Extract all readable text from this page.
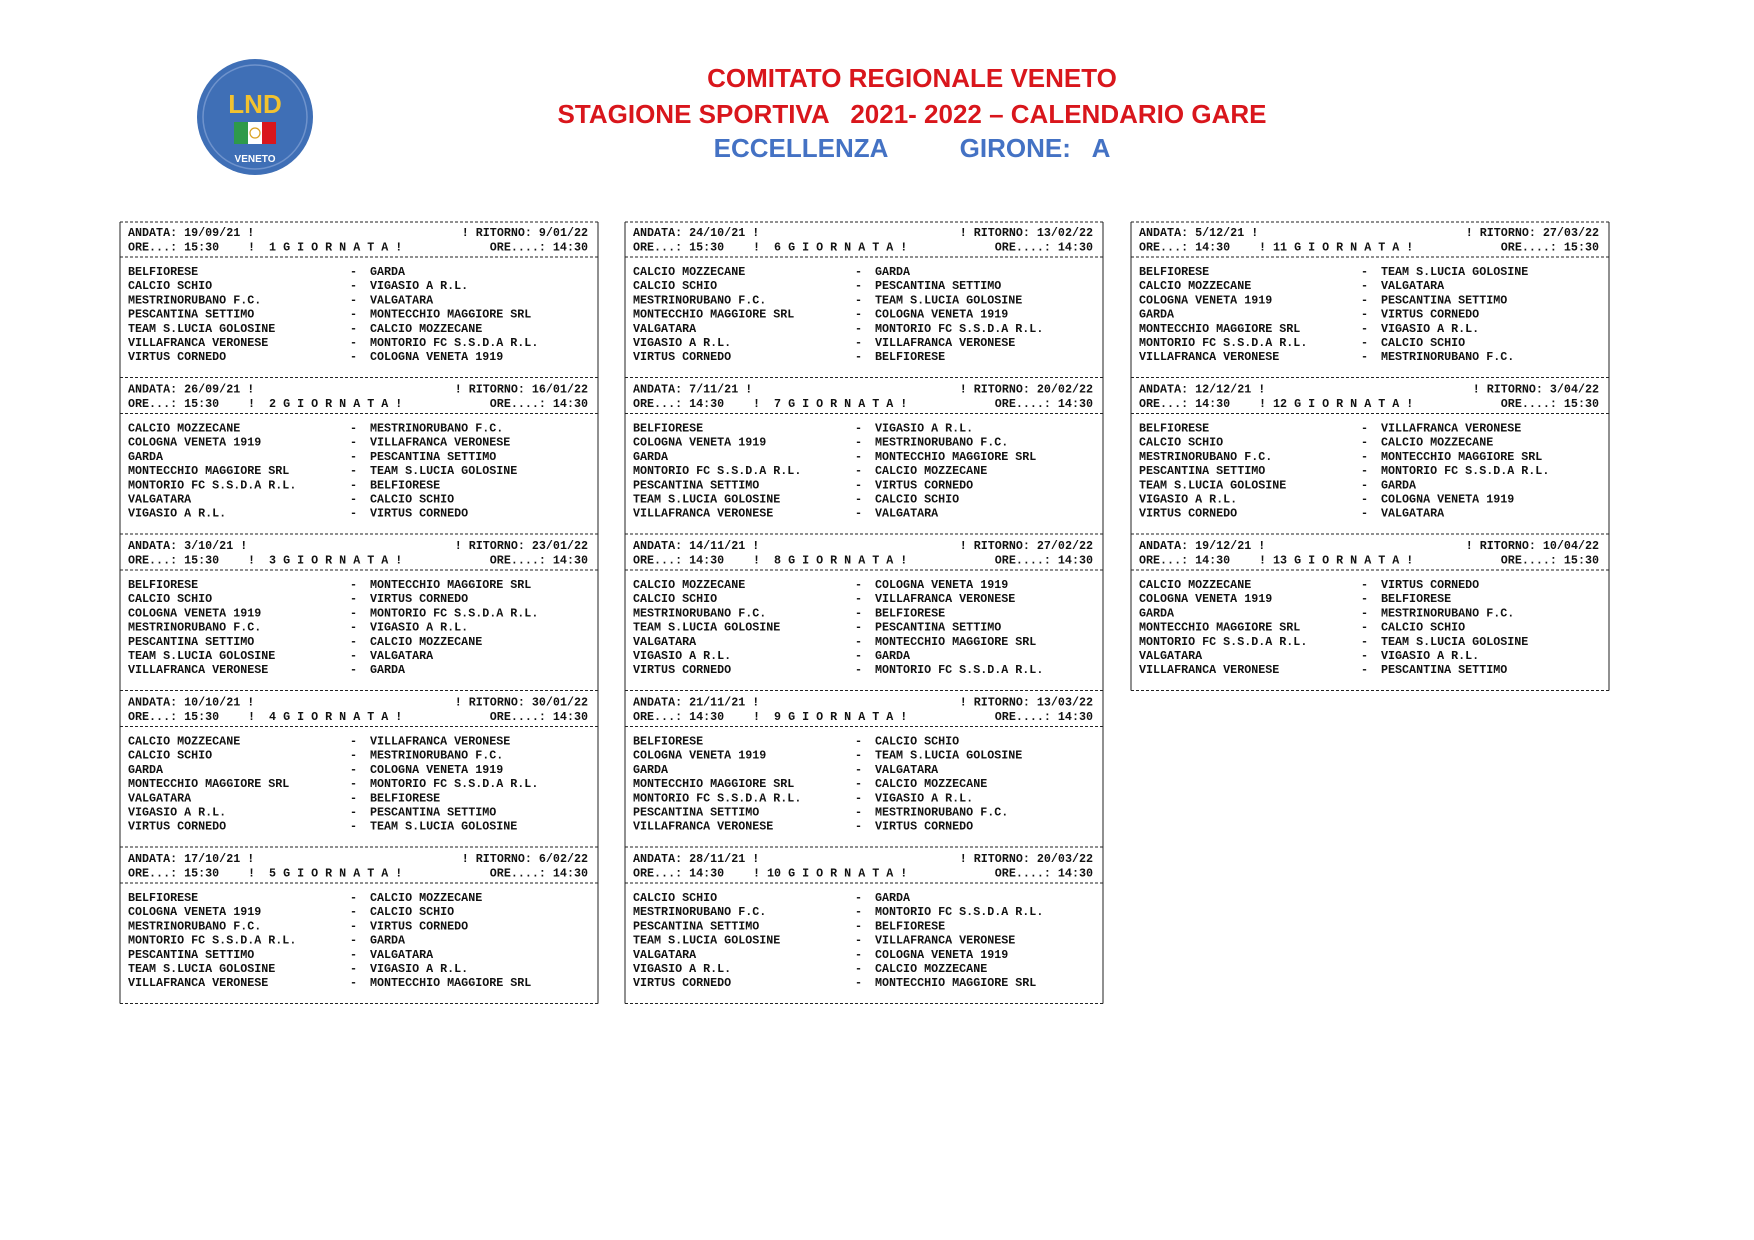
LND
VENETO
COMITATO REGIONALE VENETO
STAGIONE SPORTIVA   2021- 2022 – CALENDARIO GARE
ECCELLENZA          GIRONE:   A
ANDATA: 19/09/21 !	! RITORNO: 9/01/22
ORE...: 15:30 !  1 G I O R N A T A !	ORE....: 14:30
BELFIORESE	- GARDA
CALCIO SCHIO	- VIGASIO A R.L.
MESTRINORUBANO F.C.	- VALGATARA
PESCANTINA SETTIMO	- MONTECCHIO MAGGIORE SRL
TEAM S.LUCIA GOLOSINE	- CALCIO MOZZECANE
VILLAFRANCA VERONESE	- MONTORIO FC S.S.D.A R.L.
VIRTUS CORNEDO	- COLOGNA VENETA 1919
ANDATA: 26/09/21 !	! RITORNO: 16/01/22
ORE...: 15:30 !  2 G I O R N A T A !	ORE....: 14:30
CALCIO MOZZECANE	- MESTRINORUBANO F.C.
COLOGNA VENETA 1919	- VILLAFRANCA VERONESE
GARDA	- PESCANTINA SETTIMO
MONTECCHIO MAGGIORE SRL	- TEAM S.LUCIA GOLOSINE
MONTORIO FC S.S.D.A R.L.	- BELFIORESE
VALGATARA	- CALCIO SCHIO
VIGASIO A R.L.	- VIRTUS CORNEDO
ANDATA: 3/10/21 !	! RITORNO: 23/01/22
ORE...: 15:30 !  3 G I O R N A T A !	ORE....: 14:30
BELFIORESE	- MONTECCHIO MAGGIORE SRL
CALCIO SCHIO	- VIRTUS CORNEDO
COLOGNA VENETA 1919	- MONTORIO FC S.S.D.A R.L.
MESTRINORUBANO F.C.	- VIGASIO A R.L.
PESCANTINA SETTIMO	- CALCIO MOZZECANE
TEAM S.LUCIA GOLOSINE	- VALGATARA
VILLAFRANCA VERONESE	- GARDA
ANDATA: 10/10/21 !	! RITORNO: 30/01/22
ORE...: 15:30 !  4 G I O R N A T A !	ORE....: 14:30
CALCIO MOZZECANE	- VILLAFRANCA VERONESE
CALCIO SCHIO	- MESTRINORUBANO F.C.
GARDA	- COLOGNA VENETA 1919
MONTECCHIO MAGGIORE SRL	- MONTORIO FC S.S.D.A R.L.
VALGATARA	- BELFIORESE
VIGASIO A R.L.	- PESCANTINA SETTIMO
VIRTUS CORNEDO	- TEAM S.LUCIA GOLOSINE
ANDATA: 17/10/21 !	! RITORNO: 6/02/22
ORE...: 15:30 !  5 G I O R N A T A !	ORE....: 14:30
BELFIORESE	- CALCIO MOZZECANE
COLOGNA VENETA 1919	- CALCIO SCHIO
MESTRINORUBANO F.C.	- VIRTUS CORNEDO
MONTORIO FC S.S.D.A R.L.	- GARDA
PESCANTINA SETTIMO	- VALGATARA
TEAM S.LUCIA GOLOSINE	- VIGASIO A R.L.
VILLAFRANCA VERONESE	- MONTECCHIO MAGGIORE SRL
ANDATA: 24/10/21 !	! RITORNO: 13/02/22
ORE...: 15:30 !  6 G I O R N A T A !	ORE....: 14:30
CALCIO MOZZECANE	- GARDA
CALCIO SCHIO	- PESCANTINA SETTIMO
MESTRINORUBANO F.C.	- TEAM S.LUCIA GOLOSINE
MONTECCHIO MAGGIORE SRL	- COLOGNA VENETA 1919
VALGATARA	- MONTORIO FC S.S.D.A R.L.
VIGASIO A R.L.	- VILLAFRANCA VERONESE
VIRTUS CORNEDO	- BELFIORESE
ANDATA: 7/11/21 !	! RITORNO: 20/02/22
ORE...: 14:30 !  7 G I O R N A T A !	ORE....: 14:30
BELFIORESE	- VIGASIO A R.L.
COLOGNA VENETA 1919	- MESTRINORUBANO F.C.
GARDA	- MONTECCHIO MAGGIORE SRL
MONTORIO FC S.S.D.A R.L.	- CALCIO MOZZECANE
PESCANTINA SETTIMO	- VIRTUS CORNEDO
TEAM S.LUCIA GOLOSINE	- CALCIO SCHIO
VILLAFRANCA VERONESE	- VALGATARA
ANDATA: 14/11/21 !	! RITORNO: 27/02/22
ORE...: 14:30 !  8 G I O R N A T A !	ORE....: 14:30
CALCIO MOZZECANE	- COLOGNA VENETA 1919
CALCIO SCHIO	- VILLAFRANCA VERONESE
MESTRINORUBANO F.C.	- BELFIORESE
TEAM S.LUCIA GOLOSINE	- PESCANTINA SETTIMO
VALGATARA	- MONTECCHIO MAGGIORE SRL
VIGASIO A R.L.	- GARDA
VIRTUS CORNEDO	- MONTORIO FC S.S.D.A R.L.
ANDATA: 21/11/21 !	! RITORNO: 13/03/22
ORE...: 14:30 !  9 G I O R N A T A !	ORE....: 14:30
BELFIORESE	- CALCIO SCHIO
COLOGNA VENETA 1919	- TEAM S.LUCIA GOLOSINE
GARDA	- VALGATARA
MONTECCHIO MAGGIORE SRL	- CALCIO MOZZECANE
MONTORIO FC S.S.D.A R.L.	- VIGASIO A R.L.
PESCANTINA SETTIMO	- MESTRINORUBANO F.C.
VILLAFRANCA VERONESE	- VIRTUS CORNEDO
ANDATA: 28/11/21 !	! RITORNO: 20/03/22
ORE...: 14:30 ! 10 G I O R N A T A !	ORE....: 14:30
CALCIO SCHIO	- GARDA
MESTRINORUBANO F.C.	- MONTORIO FC S.S.D.A R.L.
PESCANTINA SETTIMO	- BELFIORESE
TEAM S.LUCIA GOLOSINE	- VILLAFRANCA VERONESE
VALGATARA	- COLOGNA VENETA 1919
VIGASIO A R.L.	- CALCIO MOZZECANE
VIRTUS CORNEDO	- MONTECCHIO MAGGIORE SRL
ANDATA: 5/12/21 !	! RITORNO: 27/03/22
ORE...: 14:30 ! 11 G I O R N A T A !	ORE....: 15:30
BELFIORESE	- TEAM S.LUCIA GOLOSINE
CALCIO MOZZECANE	- VALGATARA
COLOGNA VENETA 1919	- PESCANTINA SETTIMO
GARDA	- VIRTUS CORNEDO
MONTECCHIO MAGGIORE SRL	- VIGASIO A R.L.
MONTORIO FC S.S.D.A R.L.	- CALCIO SCHIO
VILLAFRANCA VERONESE	- MESTRINORUBANO F.C.
ANDATA: 12/12/21 !	! RITORNO: 3/04/22
ORE...: 14:30 ! 12 G I O R N A T A !	ORE....: 15:30
BELFIORESE	- VILLAFRANCA VERONESE
CALCIO SCHIO	- CALCIO MOZZECANE
MESTRINORUBANO F.C.	- MONTECCHIO MAGGIORE SRL
PESCANTINA SETTIMO	- MONTORIO FC S.S.D.A R.L.
TEAM S.LUCIA GOLOSINE	- GARDA
VIGASIO A R.L.	- COLOGNA VENETA 1919
VIRTUS CORNEDO	- VALGATARA
ANDATA: 19/12/21 !	! RITORNO: 10/04/22
ORE...: 14:30 ! 13 G I O R N A T A !	ORE....: 15:30
CALCIO MOZZECANE	- VIRTUS CORNEDO
COLOGNA VENETA 1919	- BELFIORESE
GARDA	- MESTRINORUBANO F.C.
MONTECCHIO MAGGIORE SRL	- CALCIO SCHIO
MONTORIO FC S.S.D.A R.L.	- TEAM S.LUCIA GOLOSINE
VALGATARA	- VIGASIO A R.L.
VILLAFRANCA VERONESE	- PESCANTINA SETTIMO
